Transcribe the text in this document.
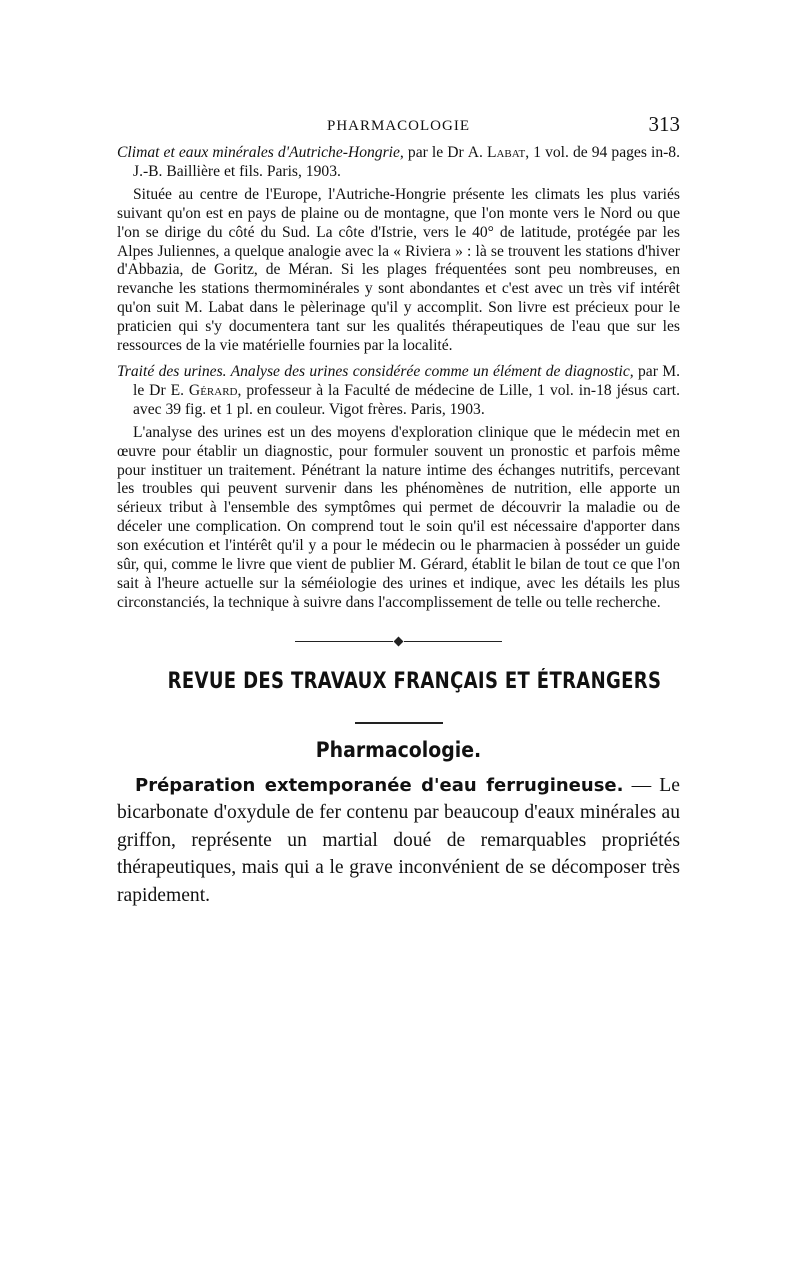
PHARMACOLOGIE	313

Climat et eaux minérales d'Autriche-Hongrie, par le Dr A. Labat, 1 vol. de 94 pages in-8. J.-B. Baillière et fils. Paris, 1903.

Située au centre de l'Europe, l'Autriche-Hongrie présente les climats les plus variés suivant qu'on est en pays de plaine ou de montagne, que l'on monte vers le Nord ou que l'on se dirige du côté du Sud. La côte d'Istrie, vers le 40° de latitude, protégée par les Alpes Juliennes, a quelque analogie avec la « Riviera » : là se trouvent les stations d'hiver d'Abbazia, de Goritz, de Méran. Si les plages fréquentées sont peu nombreuses, en revanche les stations thermominérales y sont abondantes et c'est avec un très vif intérêt qu'on suit M. Labat dans le pèlerinage qu'il y accomplit. Son livre est précieux pour le praticien qui s'y documentera tant sur les qualités thérapeutiques de l'eau que sur les ressources de la vie matérielle fournies par la localité.

Traité des urines. Analyse des urines considérée comme un élément de diagnostic, par M. le Dr E. Gérard, professeur à la Faculté de médecine de Lille, 1 vol. in-18 jésus cart. avec 39 fig. et 1 pl. en couleur. Vigot frères. Paris, 1903.

L'analyse des urines est un des moyens d'exploration clinique que le médecin met en œuvre pour établir un diagnostic, pour formuler souvent un pronostic et parfois même pour instituer un traitement. Pénétrant la nature intime des échanges nutritifs, percevant les troubles qui peuvent survenir dans les phénomènes de nutrition, elle apporte un sérieux tribut à l'ensemble des symptômes qui permet de découvrir la maladie ou de déceler une complication. On comprend tout le soin qu'il est nécessaire d'apporter dans son exécution et l'intérêt qu'il y a pour le médecin ou le pharmacien à posséder un guide sûr, qui, comme le livre que vient de publier M. Gérard, établit le bilan de tout ce que l'on sait à l'heure actuelle sur la séméiologie des urines et indique, avec les détails les plus circonstanciés, la technique à suivre dans l'accomplissement de telle ou telle recherche.

REVUE DES TRAVAUX FRANÇAIS ET ÉTRANGERS
Pharmacologie.

Préparation extemporanée d'eau ferrugineuse. — Le bicarbonate d'oxydule de fer contenu par beaucoup d'eaux minérales au griffon, représente un martial doué de remarquables propriétés thérapeutiques, mais qui a le grave inconvénient de se décomposer très rapidement.
